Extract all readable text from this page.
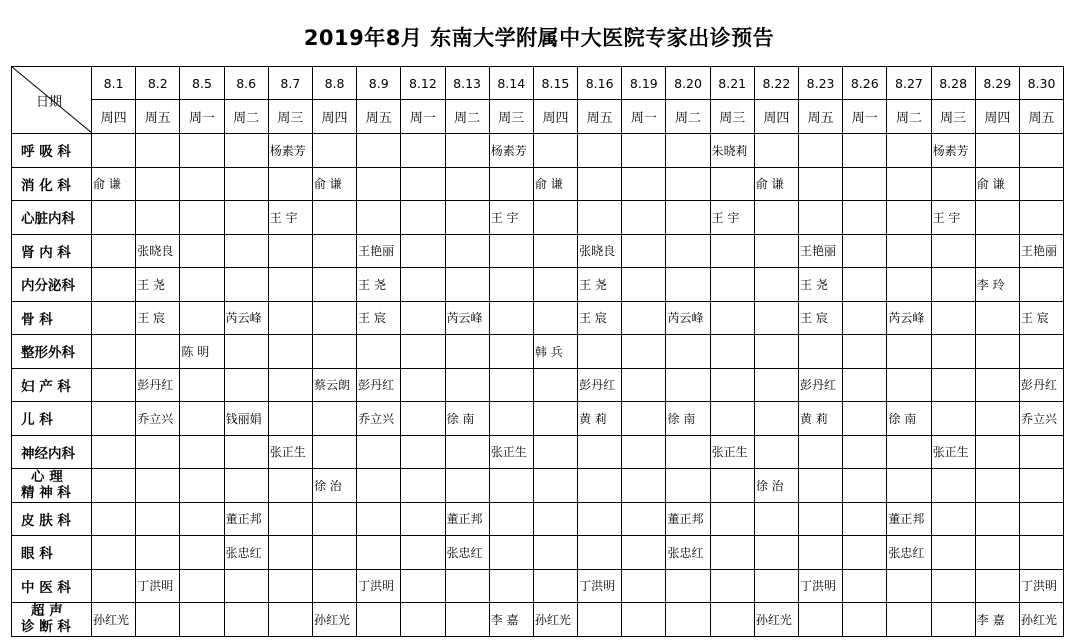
2019年8月 东南大学附属中大医院专家出诊预告
日期	8.1	8.2	8.5	8.6	8.7	8.8	8.9	8.12	8.13	8.14	8.15	8.16	8.19	8.20	8.21	8.22	8.23	8.26	8.27	8.28	8.29	8.30
	周四	周五	周一	周二	周三	周四	周五	周一	周二	周三	周四	周五	周一	周二	周三	周四	周五	周一	周二	周三	周四	周五
呼 吸 科					杨素芳					杨素芳					朱晓莉					杨素芳		
消 化 科	俞 谦					俞 谦					俞 谦					俞 谦					俞 谦	
心脏内科					王 宇					王 宇					王 宇					王 宇		
肾 内 科		张晓良					王艳丽					张晓良					王艳丽					王艳丽
内分泌科		王 尧					王 尧					王 尧					王 尧				李 玲	
骨 科		王 宸		芮云峰			王 宸		芮云峰			王 宸		芮云峰			王 宸		芮云峰			王 宸
整形外科			陈 明								韩 兵											
妇 产 科		彭丹红				蔡云朗	彭丹红					彭丹红					彭丹红					彭丹红
儿 科		乔立兴		钱丽娟			乔立兴		徐 南			黄 莉		徐 南			黄 莉		徐 南			乔立兴
神经内科					张正生					张正生					张正生					张正生		

心 理
精 神 科						徐 治										徐 治						
皮 肤 科				董正邦					董正邦					董正邦					董正邦			
眼 科				张忠红					张忠红					张忠红					张忠红			
中 医 科		丁洪明					丁洪明					丁洪明					丁洪明					丁洪明

超 声
诊 断 科	孙红光					孙红光				李 嘉	孙红光					孙红光					李 嘉	孙红光
